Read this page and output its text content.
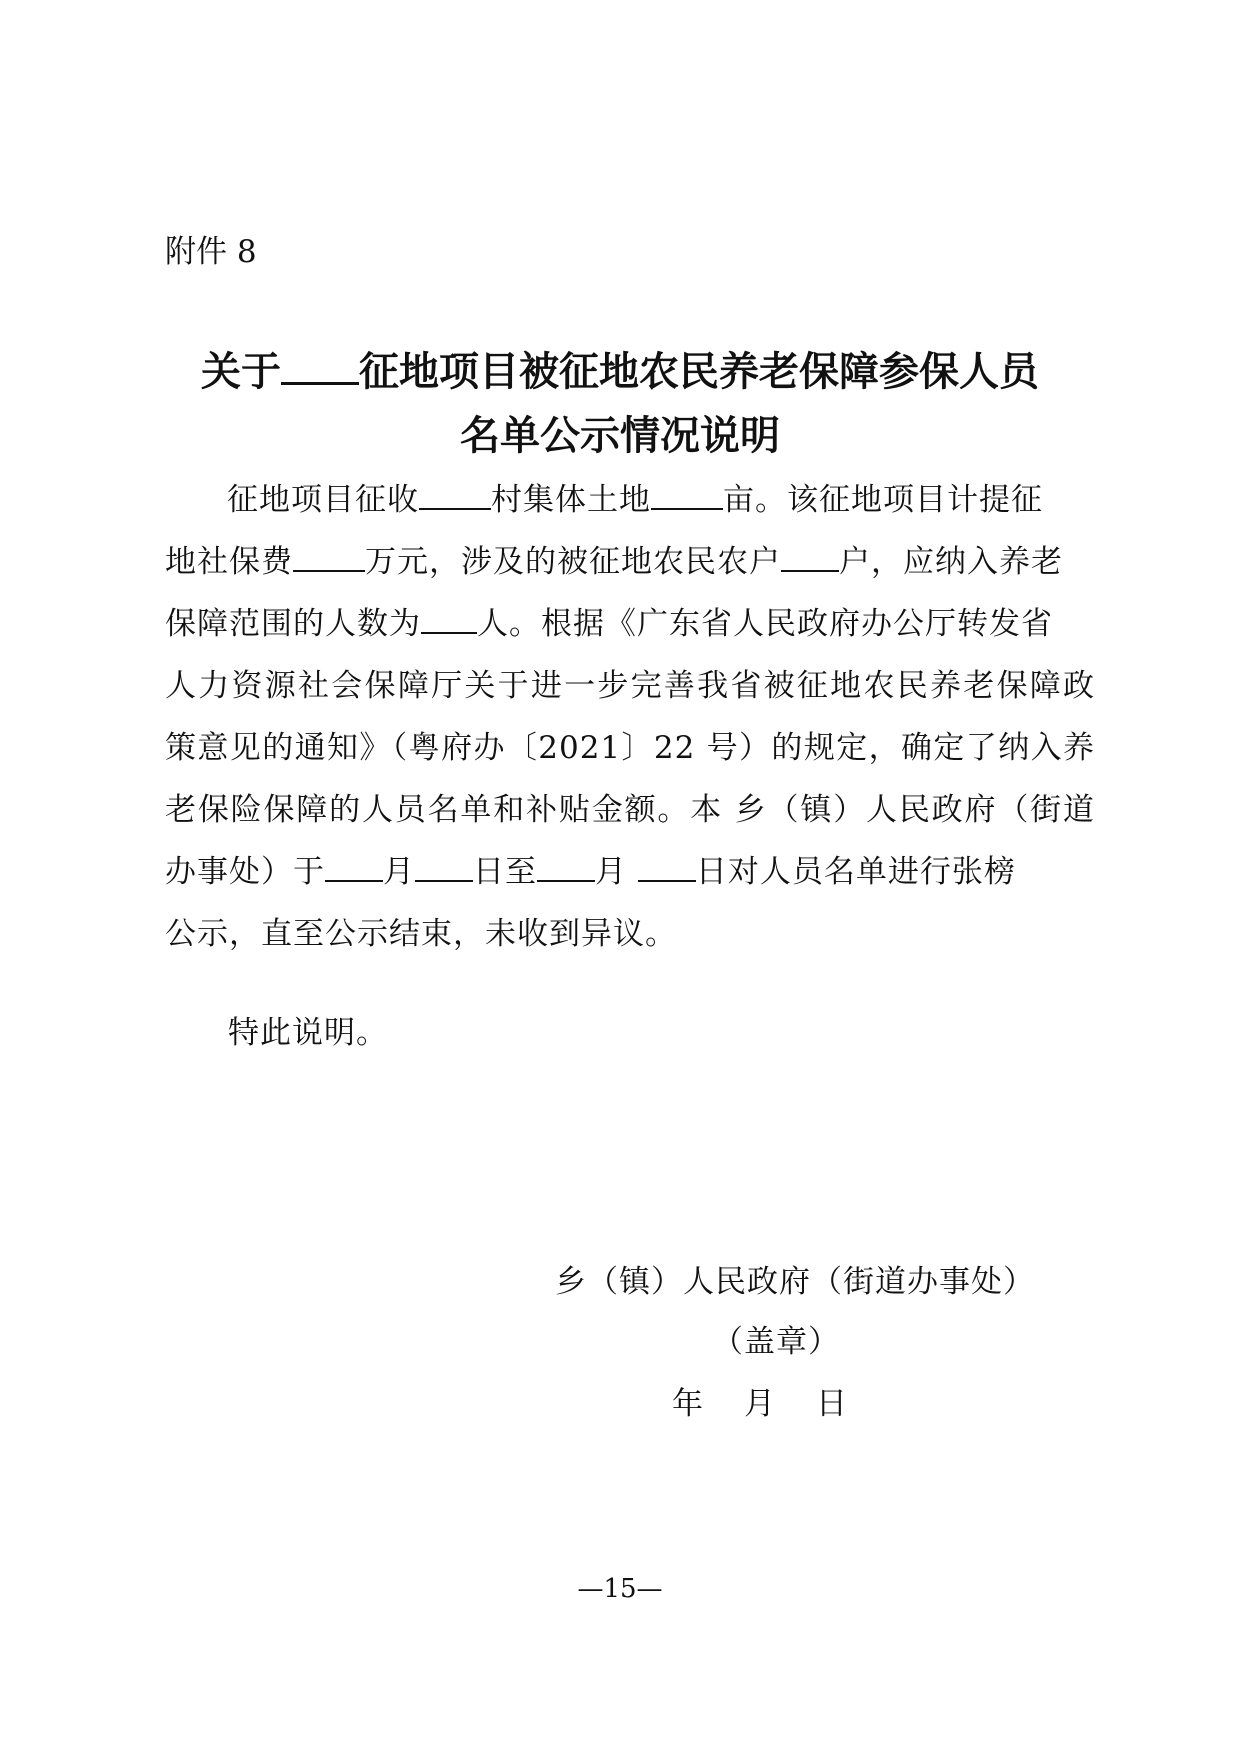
附件 8
关于 征地项目被征地农民养老保障参保人员
名单公示情况说明
征地项目征收 村集体土地 亩。该征地项目计提征
地社保费 万元，涉及的被征地农民农户 户，应纳入养老
保障范围的人数为 人。根据《广东省人民政府办公厅转发省
人力资源社会保障厅关于进一步完善我省被征地农民养老保障政
策意见的通知》（粤府办〔2021〕22 号）的规定，确定了纳入养
老保险保障的人员名单和补贴金额。本 乡（镇）人民政府（街道
办事处）于 月 日至 月 日对人员名单进行张榜
公示，直至公示结束，未收到异议。
特此说明。
乡（镇）人民政府（街道办事处）
（盖章）
年 月 日
—15—
